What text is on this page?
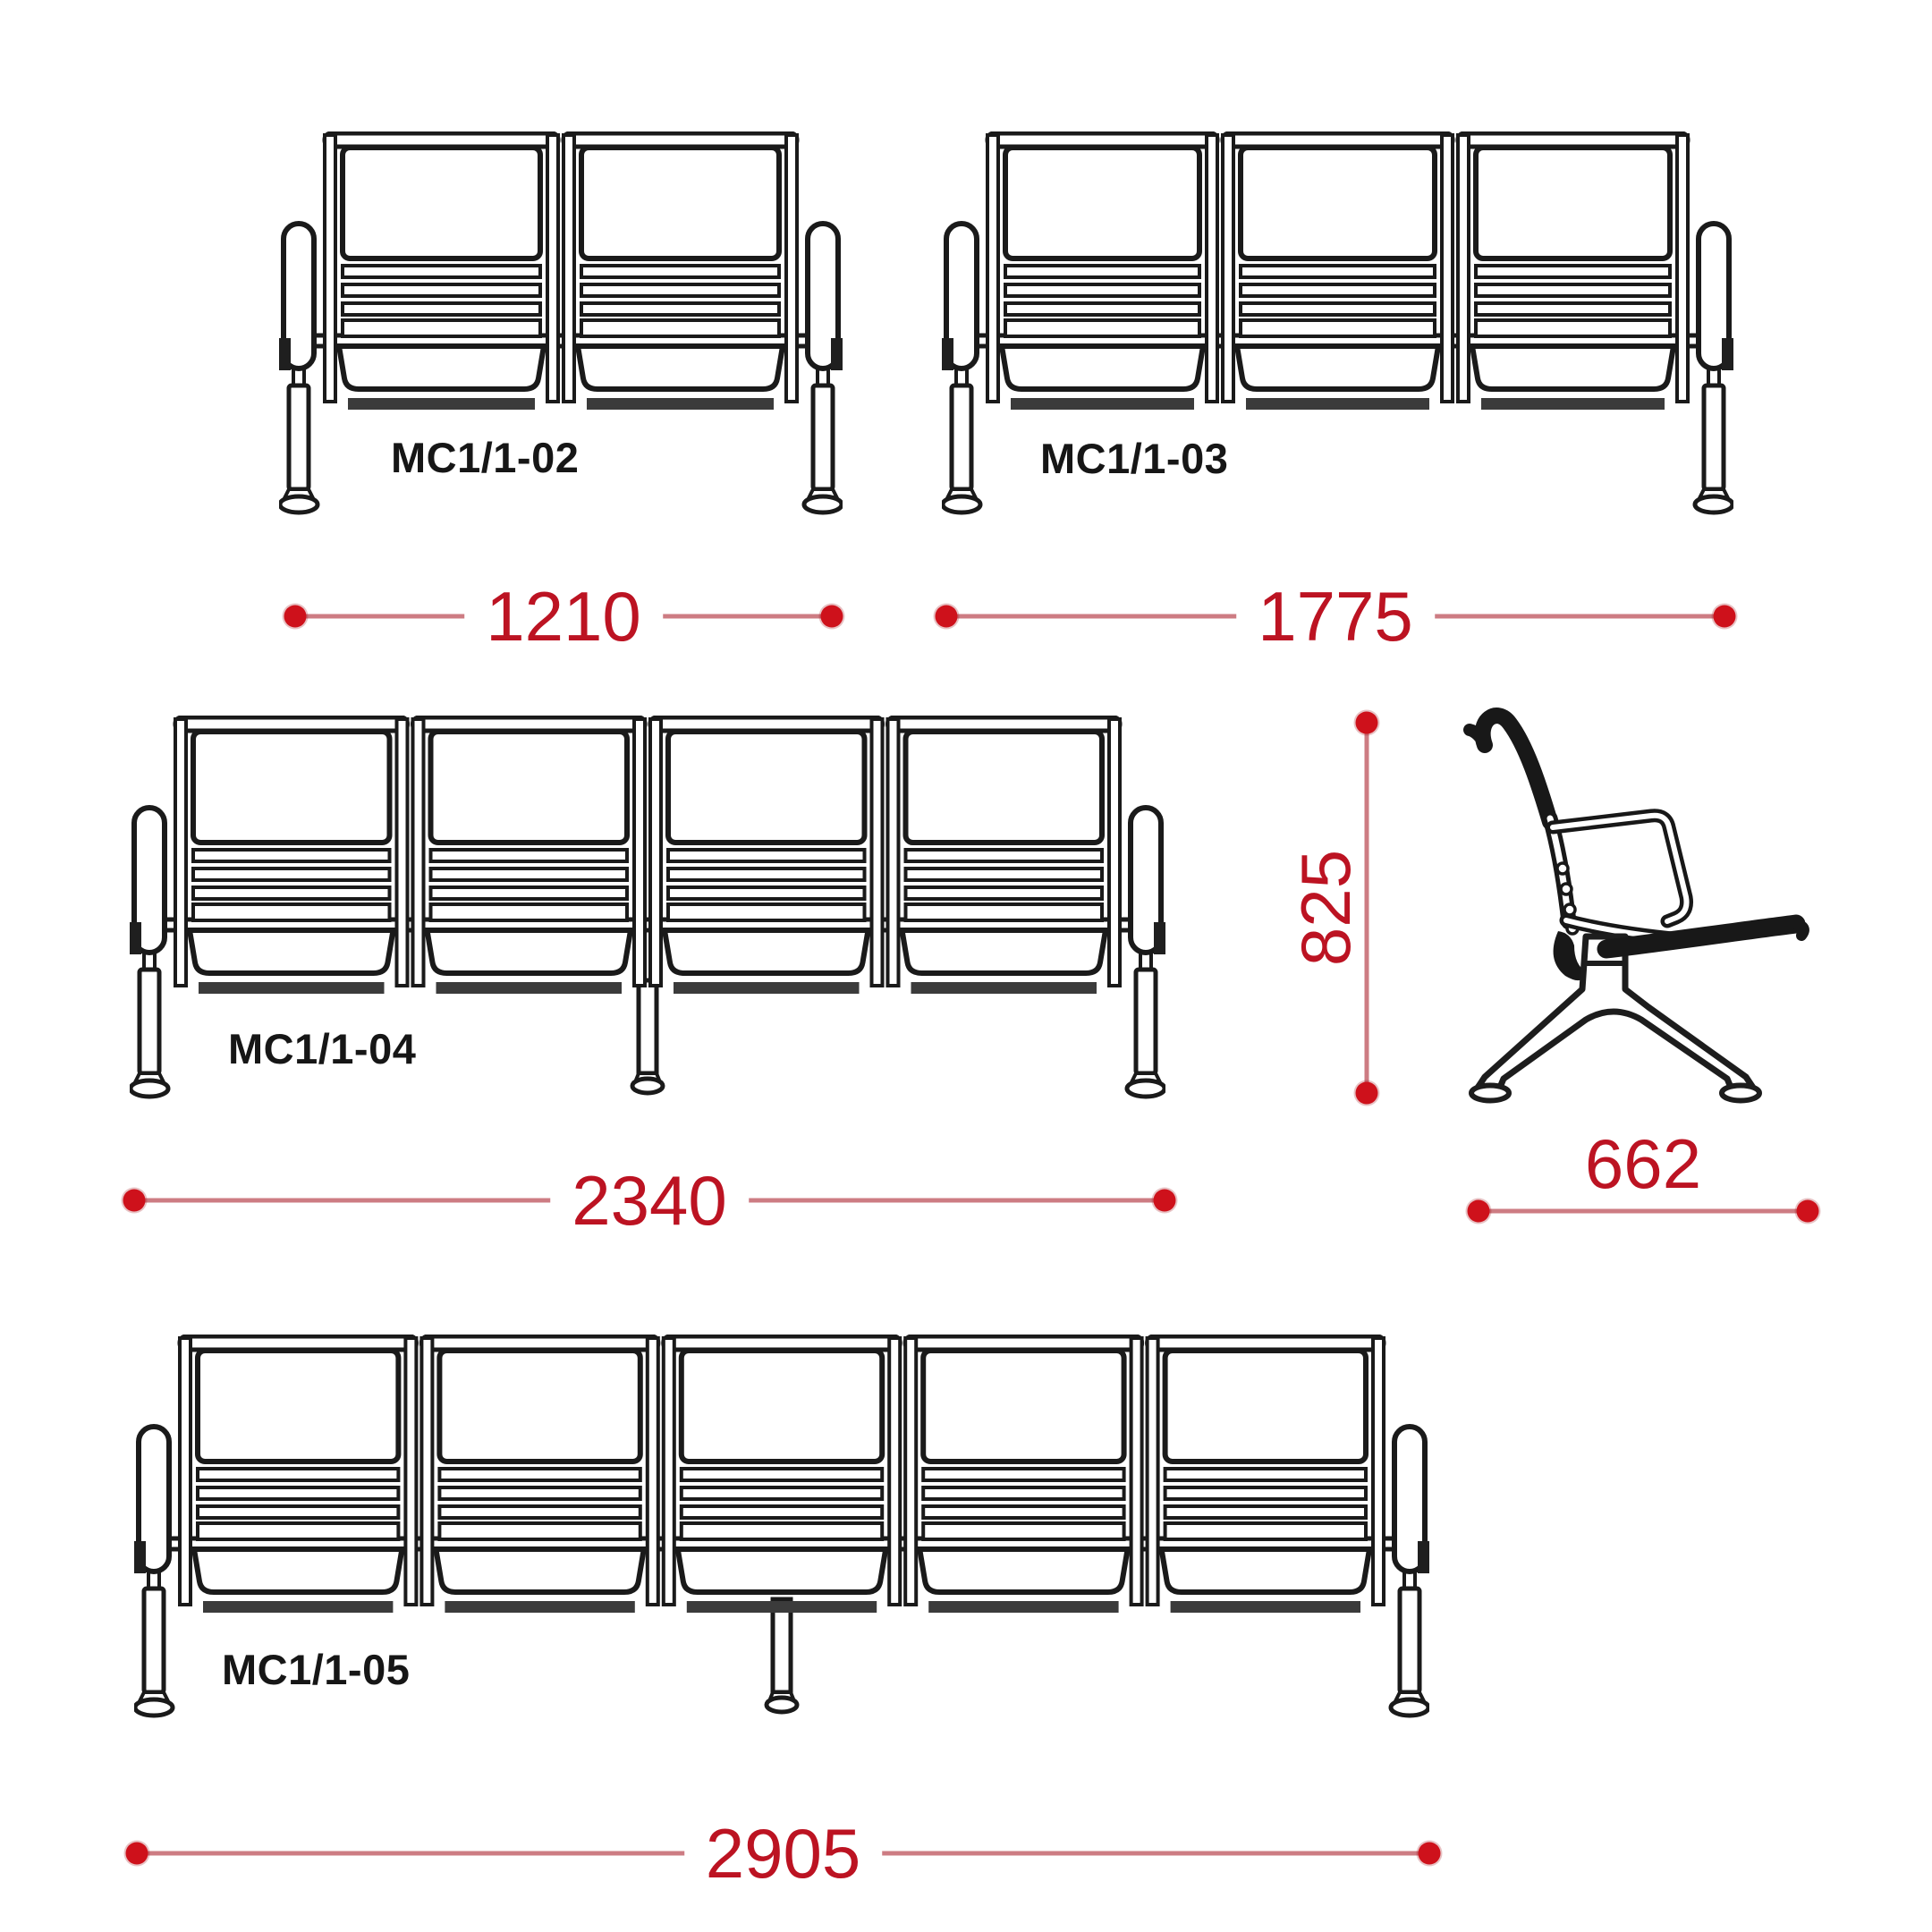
MC1/1-02	MC1/1-03
MC1/1-04
MC1/1-05
1210	1775
2340
2905
662
825
